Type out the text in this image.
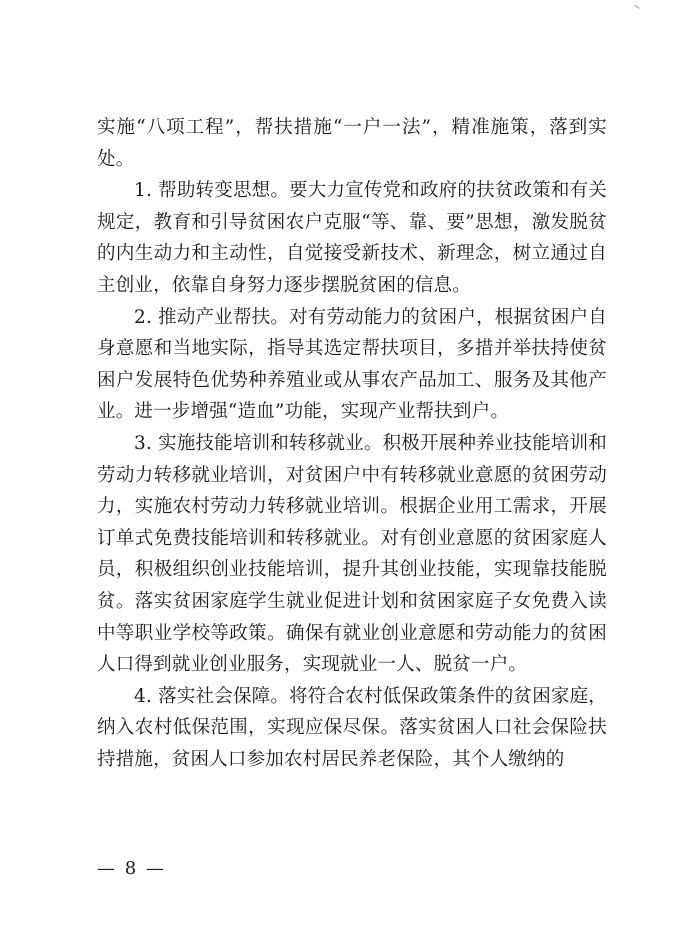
实施“八项工程”，帮扶措施“一户一法”，精准施策，落到实处。

1. 帮助转变思想。要大力宣传党和政府的扶贫政策和有关规定，教育和引导贫困农户克服“等、靠、要”思想，激发脱贫的内生动力和主动性，自觉接受新技术、新理念，树立通过自主创业，依靠自身努力逐步摆脱贫困的信息。

2. 推动产业帮扶。对有劳动能力的贫困户，根据贫困户自身意愿和当地实际，指导其选定帮扶项目，多措并举扶持使贫困户发展特色优势种养殖业或从事农产品加工、服务及其他产业。进一步增强“造血”功能，实现产业帮扶到户。

3. 实施技能培训和转移就业。积极开展种养业技能培训和劳动力转移就业培训，对贫困户中有转移就业意愿的贫困劳动力，实施农村劳动力转移就业培训。根据企业用工需求，开展订单式免费技能培训和转移就业。对有创业意愿的贫困家庭人员，积极组织创业技能培训，提升其创业技能，实现靠技能脱贫。落实贫困家庭学生就业促进计划和贫困家庭子女免费入读中等职业学校等政策。确保有就业创业意愿和劳动能力的贫困人口得到就业创业服务，实现就业一人、脱贫一户。

4. 落实社会保障。将符合农村低保政策条件的贫困家庭，纳入农村低保范围，实现应保尽保。落实贫困人口社会保险扶持措施，贫困人口参加农村居民养老保险，其个人缴纳的

— 8 —
